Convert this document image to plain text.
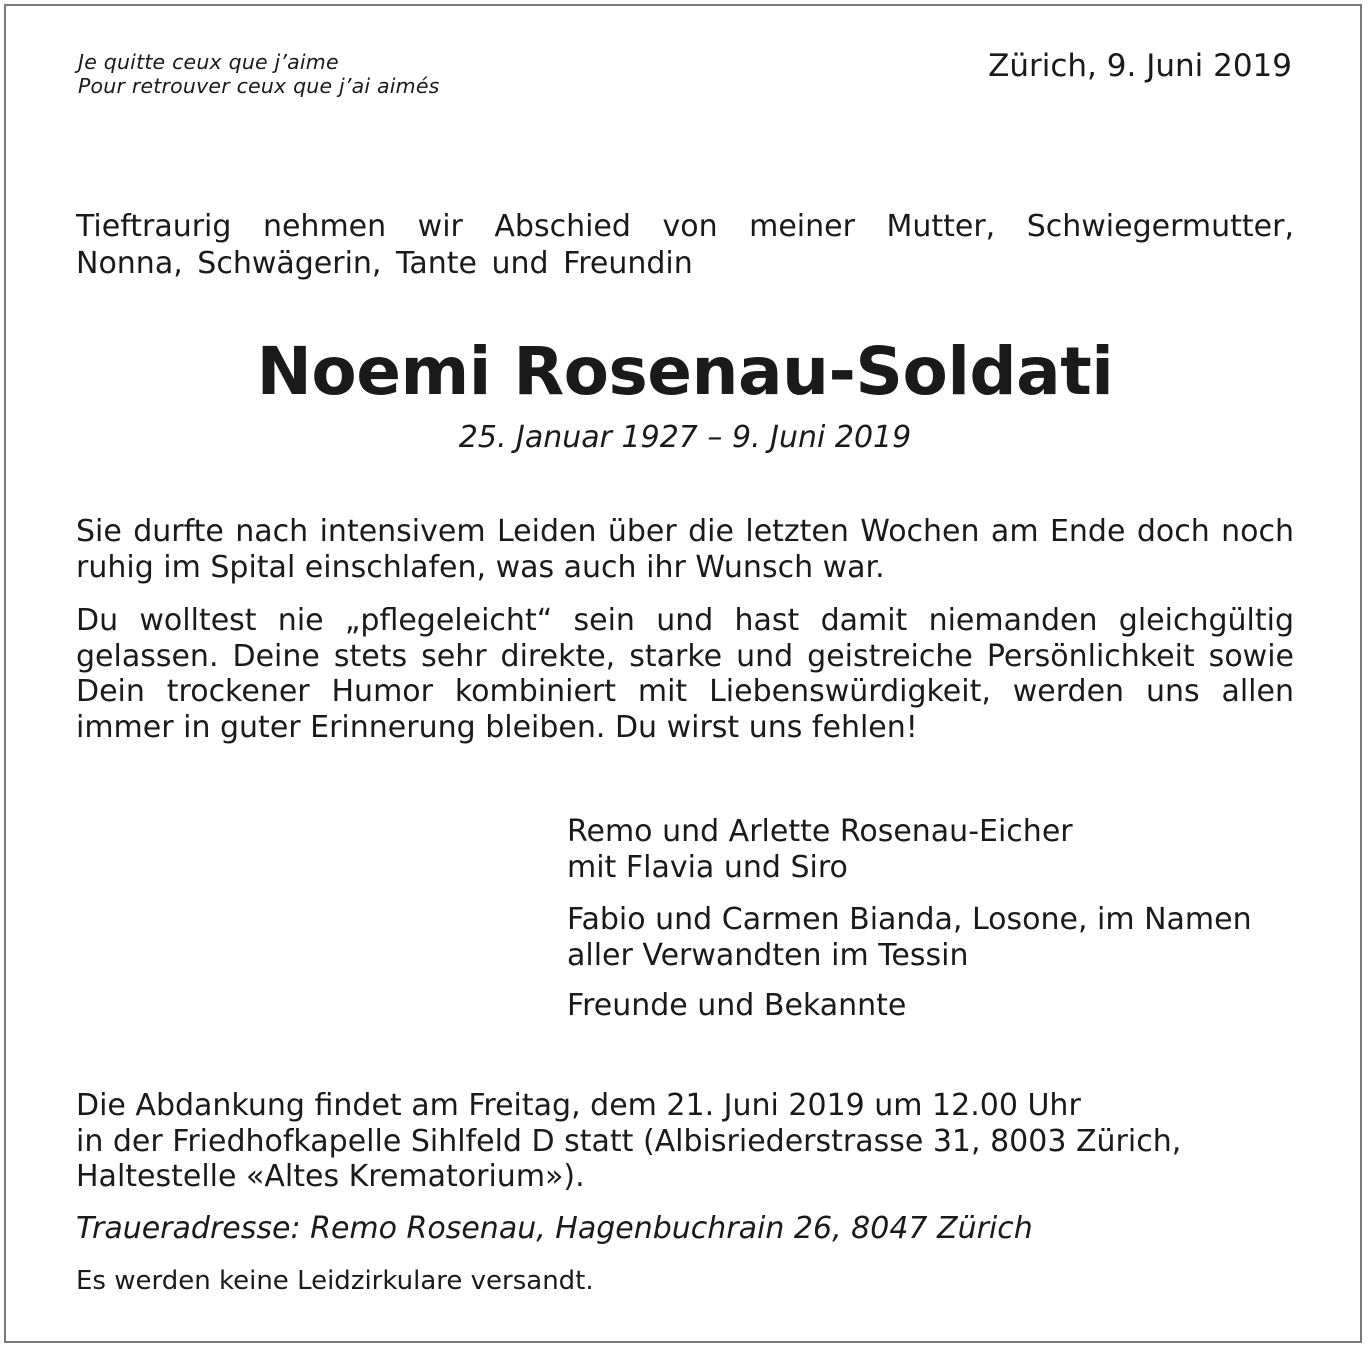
Je quitte ceux que j’aime
Pour retrouver ceux que j’ai aimés
Zürich, 9. Juni 2019
Tieftraurig nehmen wir Abschied von meiner Mutter, Schwiegermutter,
Nonna, Schwägerin, Tante und Freundin
Noemi Rosenau-Soldati
25. Januar 1927 – 9. Juni 2019

Sie durfte nach intensivem Leiden über die letzten Wochen am Ende doch noch ruhig im Spital einschlafen, was auch ihr Wunsch war.

Du wolltest nie „pflegeleicht“ sein und hast damit niemanden gleichgültig gelassen. Deine stets sehr direkte, starke und geistreiche Persönlichkeit sowie Dein trockener Humor kombiniert mit Liebenswürdigkeit, werden uns allen immer in guter Erinnerung bleiben. Du wirst uns fehlen!

Remo und Arlette Rosenau-Eicher
mit Flavia und Siro
Fabio und Carmen Bianda, Losone, im Namen
aller Verwandten im Tessin
Freunde und Bekannte
Die Abdankung findet am Freitag, dem 21. Juni 2019 um 12.00 Uhr
in der Friedhofkapelle Sihlfeld D statt (Albisriederstrasse 31, 8003 Zürich,
Haltestelle «Altes Krematorium»).
Traueradresse: Remo Rosenau, Hagenbuchrain 26, 8047 Zürich
Es werden keine Leidzirkulare versandt.
